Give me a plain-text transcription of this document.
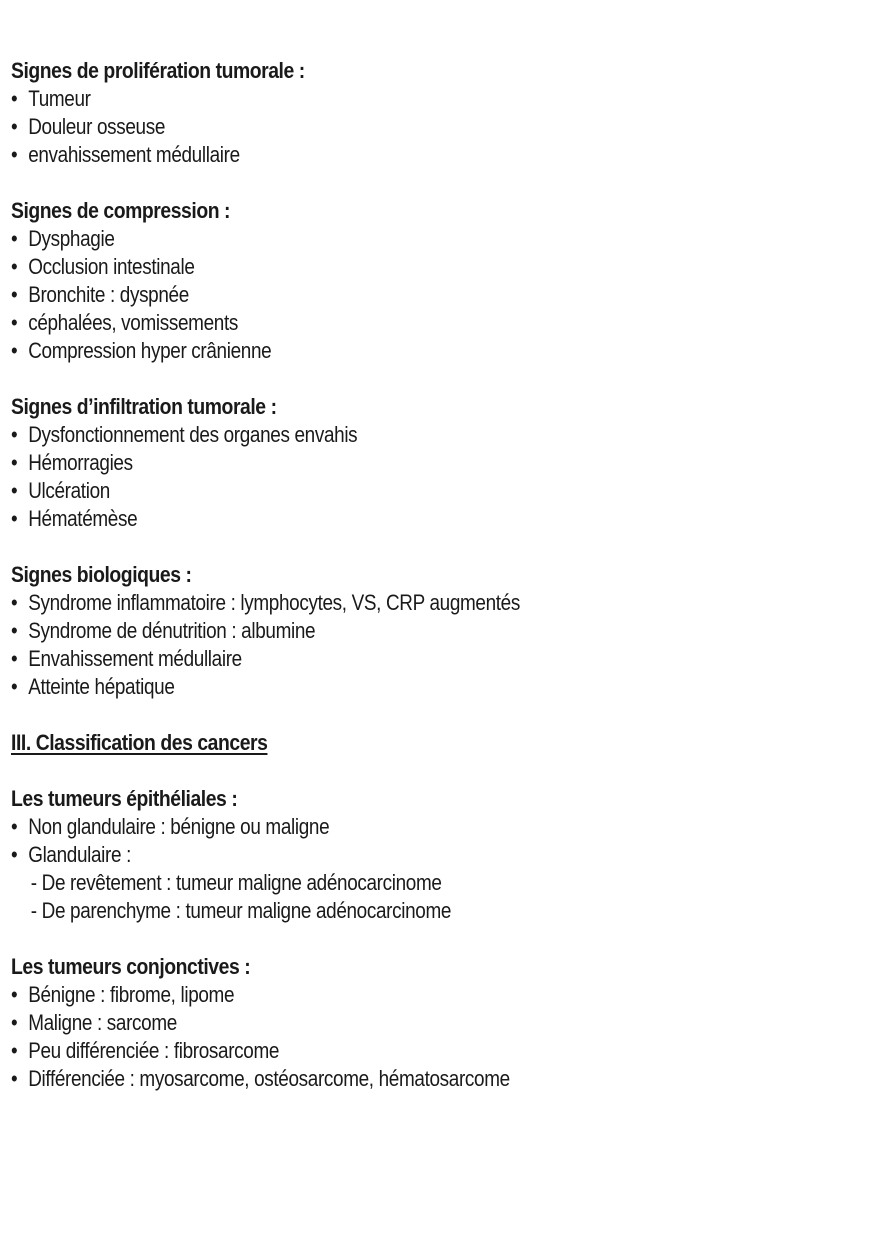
Signes de prolifération tumorale :
• Tumeur
• Douleur osseuse
• envahissement médullaire
Signes de compression :
• Dysphagie
• Occlusion intestinale
• Bronchite : dyspnée
• céphalées, vomissements
• Compression hyper crânienne
Signes d’infiltration tumorale :
• Dysfonctionnement des organes envahis
• Hémorragies
• Ulcération
• Hématémèse
Signes biologiques :
• Syndrome inflammatoire : lymphocytes, VS, CRP augmentés
• Syndrome de dénutrition : albumine
• Envahissement médullaire
• Atteinte hépatique
III. Classification des cancers
Les tumeurs épithéliales :
• Non glandulaire : bénigne ou maligne
• Glandulaire :
- De revêtement : tumeur maligne adénocarcinome
- De parenchyme : tumeur maligne adénocarcinome
Les tumeurs conjonctives :
• Bénigne : fibrome, lipome
• Maligne : sarcome
• Peu différenciée : fibrosarcome
• Différenciée : myosarcome, ostéosarcome, hématosarcome
